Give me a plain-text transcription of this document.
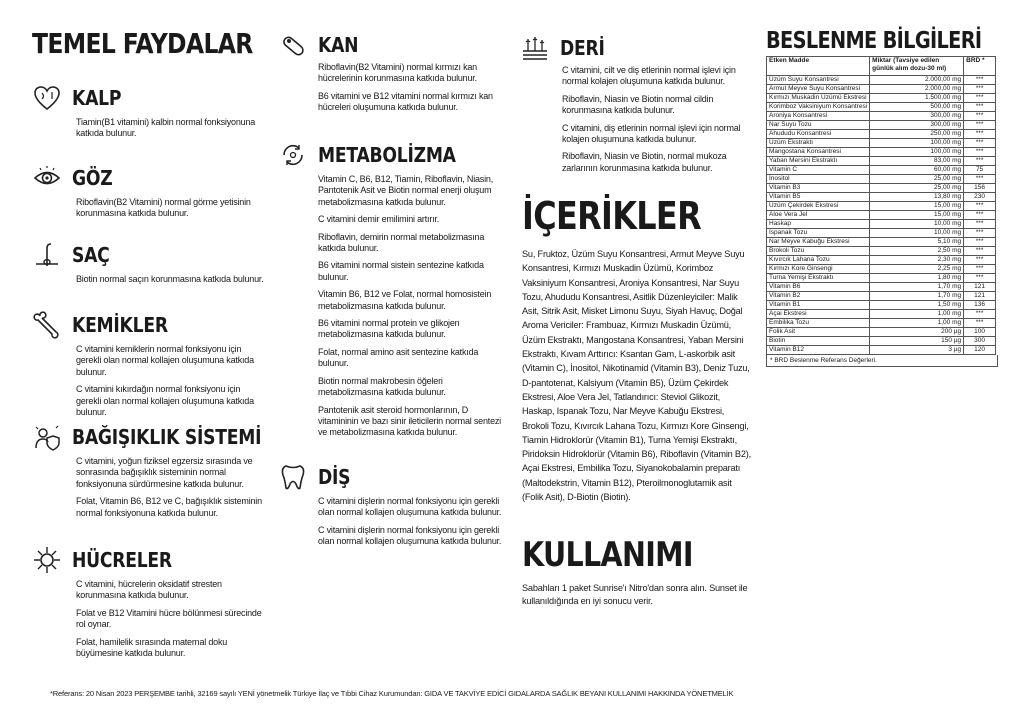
TEMEL FAYDALAR
KALP

Tiamin(B1 vitamini) kalbin normal fonksiyonuna katkıda bulunur.

GÖZ

Riboflavin(B2 Vitamini) normal görme yetisinin korunmasına katkıda bulunur.

SAÇ

Biotin normal saçın korunmasına katkıda bulunur.

KEMİKLER

C vitamini kemiklerin normal fonksiyonu için gerekli olan normal kollajen oluşumuna katkıda bulunur.

C vitamini kıkırdağın normal fonksiyonu için gerekli olan normal kollajen oluşumuna katkıda bulunur.

BAĞIŞIKLIK SİSTEMİ

C vitamini, yoğun fiziksel egzersiz sırasında ve sonrasında bağışıklık sisteminin normal fonksiyonuna sürdürmesine katkıda bulunur.

Folat, Vitamin B6, B12 ve C, bağışıklık sisteminin normal fonksiyonuna katkıda bulunur.

HÜCRELER

C vitamini, hücrelerin oksidatif stresten korunmasına katkıda bulunur.

Folat ve B12 Vitamini hücre bölünmesi sürecinde rol oynar.

Folat, hamilelik sırasında maternal doku büyümesine katkıda bulunur.

KAN

Riboflavin(B2 Vitamini) normal kırmızı kan hücrelerinin korunmasına katkıda bulunur.

B6 vitamini ve B12 vitamini normal kırmızı kan hücreleri oluşumuna katkıda bulunur.

METABOLİZMA

Vitamin C, B6, B12, Tiamin, Riboflavin, Niasin, Pantotenik Asit ve Biotin normal enerji oluşum metabolizmasına katkıda bulunur.

C vitamini demir emilimini artırır.

Riboflavin, demirin normal metabolizmasına katkıda bulunur.

B6 vitamini normal sistein sentezine katkıda bulunur.

Vitamin B6, B12 ve Folat, normal homosistein metabolizmasına katkıda bulunur.

B6 vitamini normal protein ve glikojen metabolizmasına katkıda bulunur.

Folat, normal amino asit sentezine katkıda bulunur.

Biotin normal makrobesin öğeleri metabolizmasına katkıda bulunur.

Pantotenik asit steroid hormonlarının, D vitamininin ve bazı sinir ileticilerin normal sentezi ve metabolizmasına katkıda bulunur.

DİŞ

C vitamini dişlerin normal fonksiyonu için gerekli olan normal kollajen oluşumuna katkıda bulunur.

C vitamini dişlerin normal fonksiyonu için gerekli olan normal kollajen oluşumuna katkıda bulunur.

DERİ

C vitamini, cilt ve diş etlerinin normal işlevi için normal kolajen oluşumuna katkıda bulunur.

Riboflavin, Niasin ve Biotin normal cildin korunmasına katkıda bulunur.

C vitamini, diş etlerinin normal işlevi için normal kolajen oluşumuna katkıda bulunur.

Riboflavin, Niasin ve Biotin, normal mukoza zarlarının korunmasına katkıda bulunur.

İÇERİKLER

Su, Fruktoz, Üzüm Suyu Konsantresi, Armut Meyve Suyu Konsantresi, Kırmızı Muskadin Üzümü, Korimboz Vaksiniyum Konsantresi, Aroniya Konsantresi, Nar Suyu Tozu, Ahududu Konsantresi, Asitlik Düzenleyiciler: Malik Asit, Sitrik Asit, Misket Limonu Suyu, Siyah Havuç, Doğal Aroma Vericiler: Frambuaz, Kırmızı Muskadin Üzümü, Üzüm Ekstraktı, Mangostana Konsantresi, Yaban Mersini Ekstraktı, Kıvam Arttırıcı: Ksantan Gam, L-askorbik asit (Vitamin C), İnositol, Nikotinamid (Vitamin B3), Deniz Tuzu, D-pantotenat, Kalsiyum (Vitamin B5), Üzüm Çekirdek Ekstresi, Aloe Vera Jel, Tatlandırıcı: Steviol Glikozit, Haskap, Ispanak Tozu, Nar Meyve Kabuğu Ekstresi, Brokoli Tozu, Kıvırcık Lahana Tozu, Kırmızı Kore Ginsengi, Tiamin Hidroklorür (Vitamin B1), Turna Yemişi Ekstraktı, Piridoksin Hidroklorür (Vitamin B6), Riboflavin (Vitamin B2), Açai Ekstresi, Embilika Tozu, Siyanokobalamin preparatı (Maltodekstrin, Vitamin B12), Pteroilmonoglutamik asit (Folik Asit), D-Biotin (Biotin).

KULLANIMI

Sabahları 1 paket Sunrise'ı Nitro'dan sonra alın. Sunset ile kullanıldığında en iyi sonucu verir.

BESLENME BİLGİLERİ
Etken Madde	Miktar (Tavsiye edilen günlük alım dozu-30 ml)	BRD *
Üzüm Suyu Konsantresi	2.000,00 mg	***
Armut Meyve Suyu Konsantresi	2.000,00 mg	***
Kırmızı Muskadin Üzümü Ekstresi	1.500,00 mg	***
Korimboz Vaksiniyum Konsantresi	500,00 mg	***
Aroniya Konsantresi	300,00 mg	***
Nar Suyu Tozu	300,00 mg	***
Ahududu Konsantresi	250,00 mg	***
Üzüm Ekstraktı	100,00 mg	***
Mangostana Konsantresi	100,00 mg	***
Yaban Mersini Ekstraktı	83,00 mg	***
Vitamin C	60,00 mg	75
İnositol	25,00 mg	***
Vitamin B3	25,00 mg	156
Vitamin B5	13,80 mg	230
Üzüm Çekirdek Ekstresi	15,00 mg	***
Aloe Vera Jel	15,00 mg	***
Haskap	10,00 mg	***
Ispanak Tozu	10,00 mg	***
Nar Meyve Kabuğu Ekstresi	5,10 mg	***
Brokoli Tozu	2,50 mg	***
Kıvırcık Lahana Tozu	2,30 mg	***
Kırmızı Kore Ginsengi	2,25 mg	***
Turna Yemişi Ekstraktı	1,80 mg	***
Vitamin B6	1,70 mg	121
Vitamin B2	1,70 mg	121
Vitamin B1	1,50 mg	136
Açai Ekstresi	1,00 mg	***
Embilika Tozu	1,00 mg	***
Folik Asit	200 µg	100
Biotin	150 µg	300
Vitamin B12	3 µg	120
* BRD Beslenme Referans Değerleri.
*Referans: 20 Nisan 2023 PERŞEMBE tarihli, 32169 sayılı YENİ yönetmelik Türkiye İlaç ve Tıbbi Cihaz Kurumundan: GIDA VE TAKVİYE EDİCİ GIDALARDA SAĞLIK BEYANI KULLANIMI HAKKINDA YÖNETMELİK
